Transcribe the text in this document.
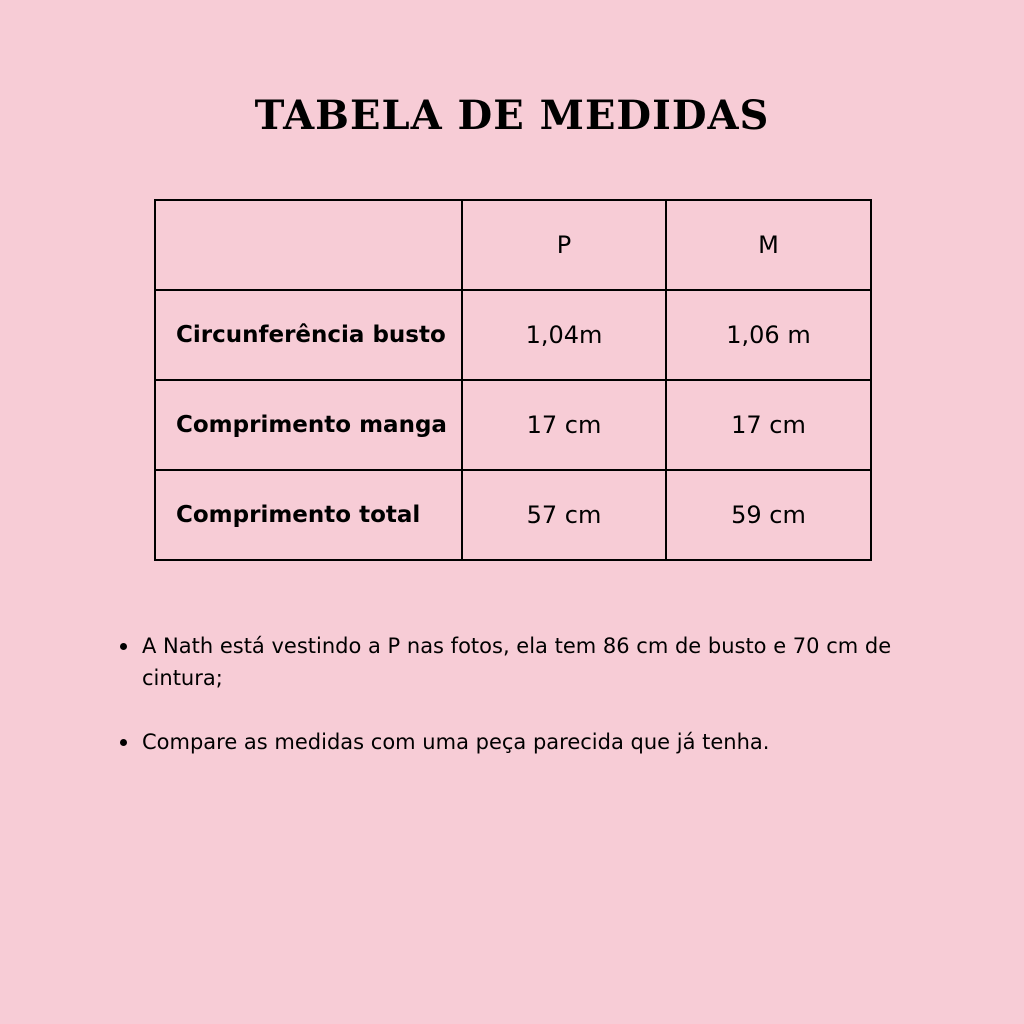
TABELA DE MEDIDAS
	P	M
Circunferência busto	1,04m	1,06 m
Comprimento manga	17 cm	17 cm
Comprimento total	57 cm	59 cm
A Nath está vestindo a P nas fotos, ela tem 86 cm de busto e 70 cm de cintura;
Compare as medidas com uma peça parecida que já tenha.
